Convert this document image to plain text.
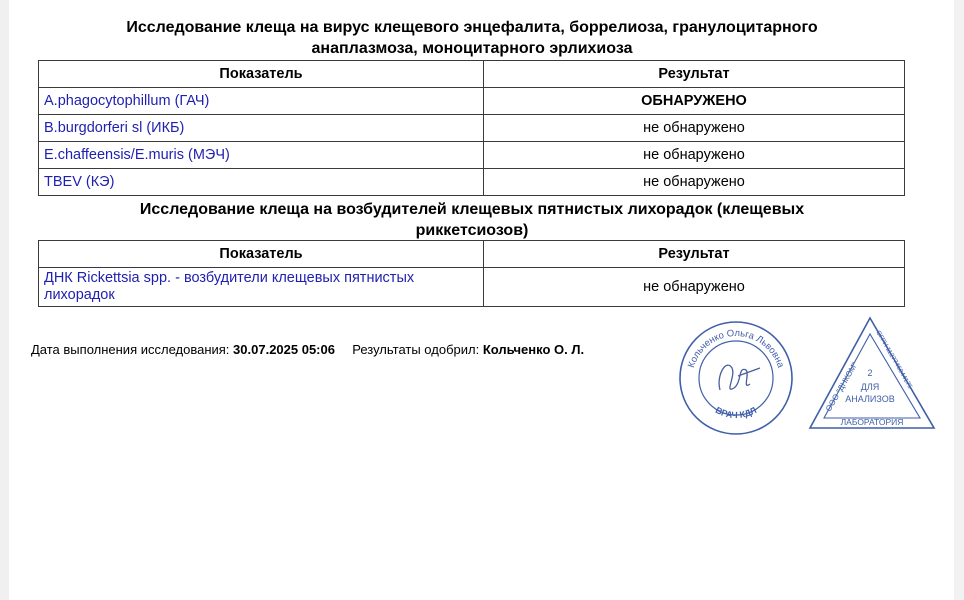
Исследование клеща на вирус клещевого энцефалита, боррелиоза, гранулоцитарного
анаплазмоза, моноцитарного эрлихиоза
Показатель	Результат
A.phagocytophillum (ГАЧ)	ОБНАРУЖЕНО
B.burgdorferi sl (ИКБ)	не обнаружено
E.chaffeensis/E.muris (МЭЧ)	не обнаружено
TBEV (КЭ)	не обнаружено
Исследование клеща на возбудителей клещевых пятнистых лихорадок (клещевых
риккетсиозов)
Показатель	Результат
ДНК Rickettsia spp. - возбудители клещевых пятнистых
лихорадок	не обнаружено
Дата выполнения исследования: 30.07.2025 05:06 Результаты одобрил: Кольченко О. Л.
Кольченко Ольга Львовна
ВРАЧ КДЛ	ООО "ДНКОМ" ОГРН 1127746044175
2
ДЛЯ
АНАЛИЗОВ
ЛАБОРАТОРИЯ
